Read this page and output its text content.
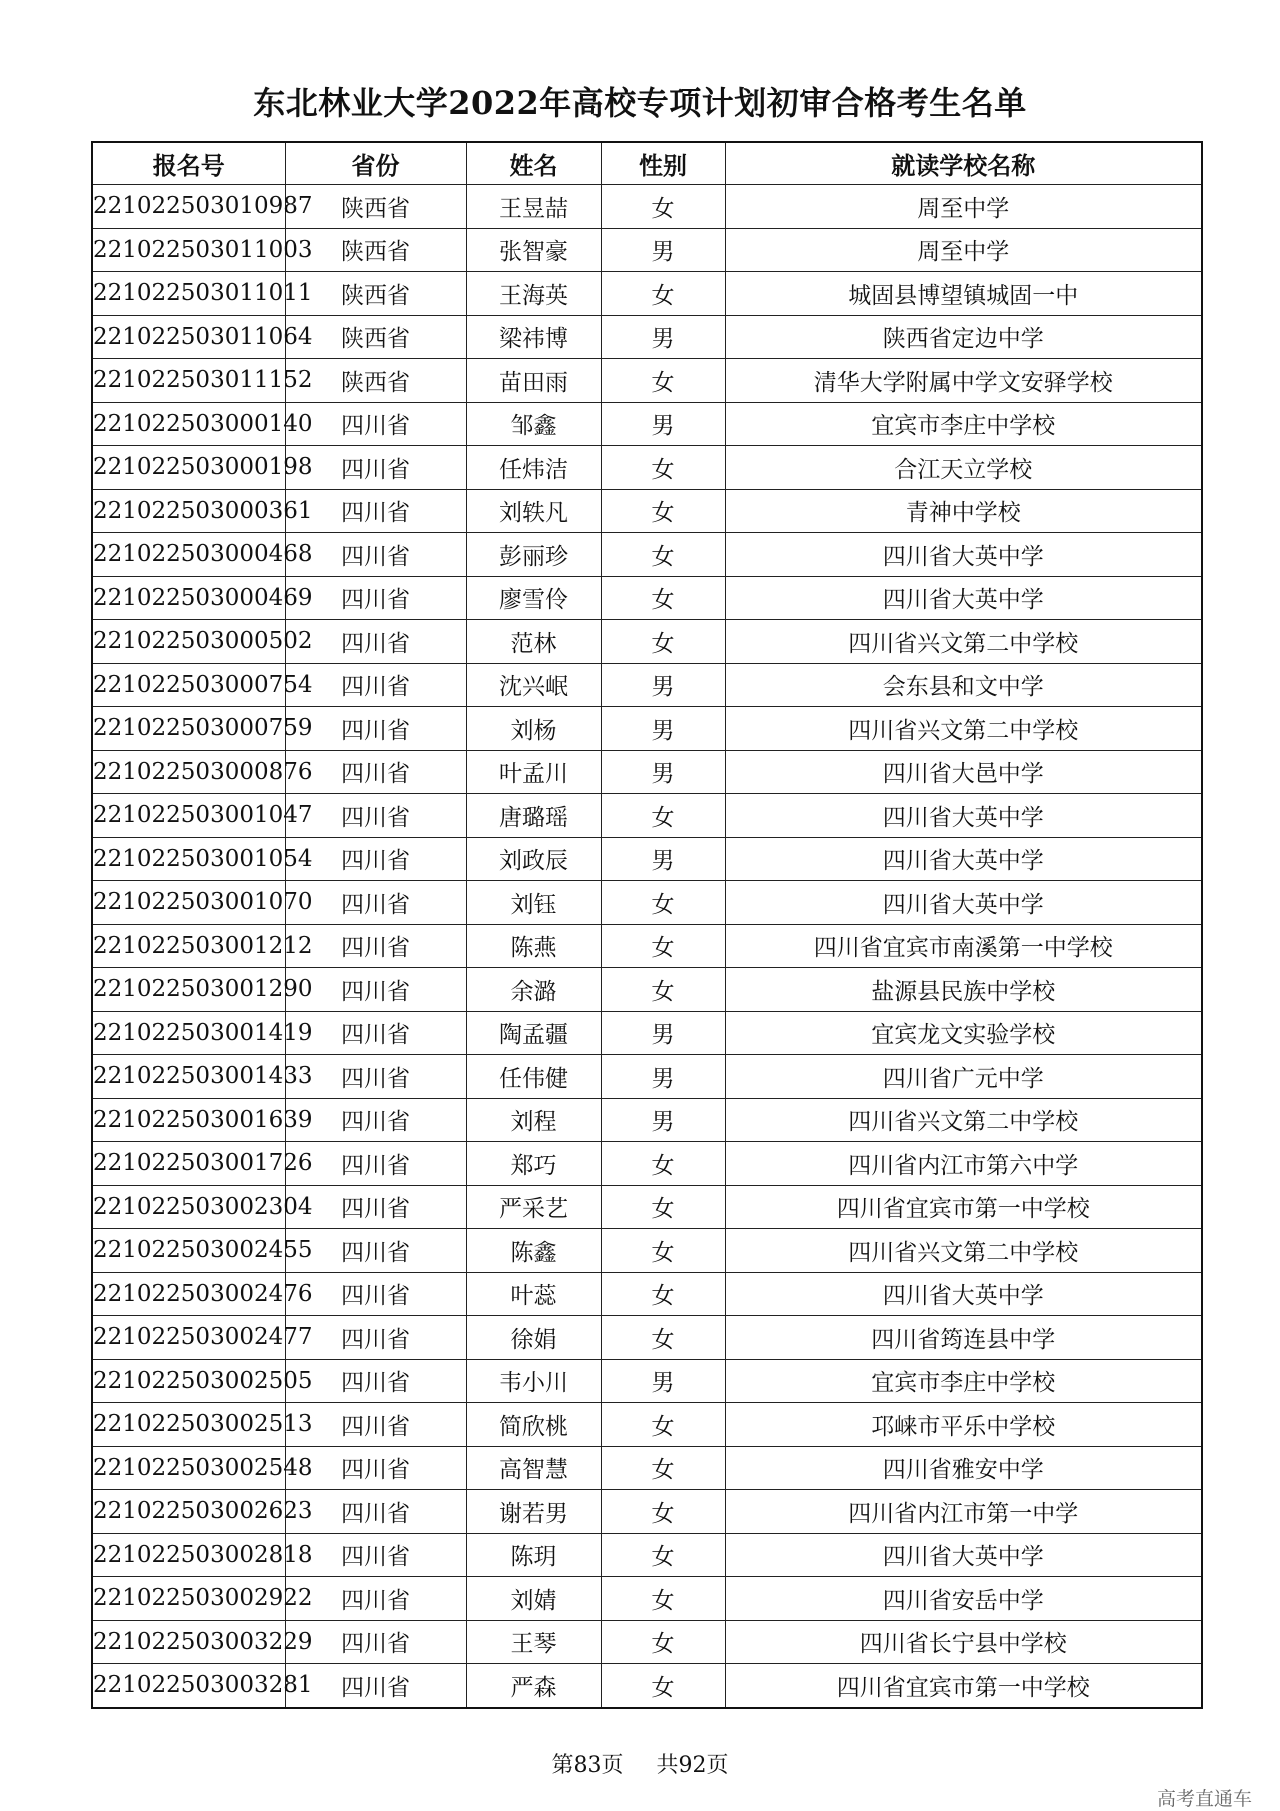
东北林业大学2022年高校专项计划初审合格考生名单
报名号	省份	姓名	性别	就读学校名称
221022503010987	陕西省	王昱喆	女	周至中学
221022503011003	陕西省	张智豪	男	周至中学
221022503011011	陕西省	王海英	女	城固县博望镇城固一中
221022503011064	陕西省	梁祎博	男	陕西省定边中学
221022503011152	陕西省	苗田雨	女	清华大学附属中学文安驿学校
221022503000140	四川省	邹鑫	男	宜宾市李庄中学校
221022503000198	四川省	任炜洁	女	合江天立学校
221022503000361	四川省	刘轶凡	女	青神中学校
221022503000468	四川省	彭丽珍	女	四川省大英中学
221022503000469	四川省	廖雪伶	女	四川省大英中学
221022503000502	四川省	范林	女	四川省兴文第二中学校
221022503000754	四川省	沈兴岷	男	会东县和文中学
221022503000759	四川省	刘杨	男	四川省兴文第二中学校
221022503000876	四川省	叶孟川	男	四川省大邑中学
221022503001047	四川省	唐璐瑶	女	四川省大英中学
221022503001054	四川省	刘政辰	男	四川省大英中学
221022503001070	四川省	刘钰	女	四川省大英中学
221022503001212	四川省	陈燕	女	四川省宜宾市南溪第一中学校
221022503001290	四川省	余潞	女	盐源县民族中学校
221022503001419	四川省	陶孟疆	男	宜宾龙文实验学校
221022503001433	四川省	任伟健	男	四川省广元中学
221022503001639	四川省	刘程	男	四川省兴文第二中学校
221022503001726	四川省	郑巧	女	四川省内江市第六中学
221022503002304	四川省	严采艺	女	四川省宜宾市第一中学校
221022503002455	四川省	陈鑫	女	四川省兴文第二中学校
221022503002476	四川省	叶蕊	女	四川省大英中学
221022503002477	四川省	徐娟	女	四川省筠连县中学
221022503002505	四川省	韦小川	男	宜宾市李庄中学校
221022503002513	四川省	简欣桃	女	邛崃市平乐中学校
221022503002548	四川省	高智慧	女	四川省雅安中学
221022503002623	四川省	谢若男	女	四川省内江市第一中学
221022503002818	四川省	陈玥	女	四川省大英中学
221022503002922	四川省	刘婧	女	四川省安岳中学
221022503003229	四川省	王琴	女	四川省长宁县中学校
221022503003281	四川省	严森	女	四川省宜宾市第一中学校
第83页 共92页
高考直通车
